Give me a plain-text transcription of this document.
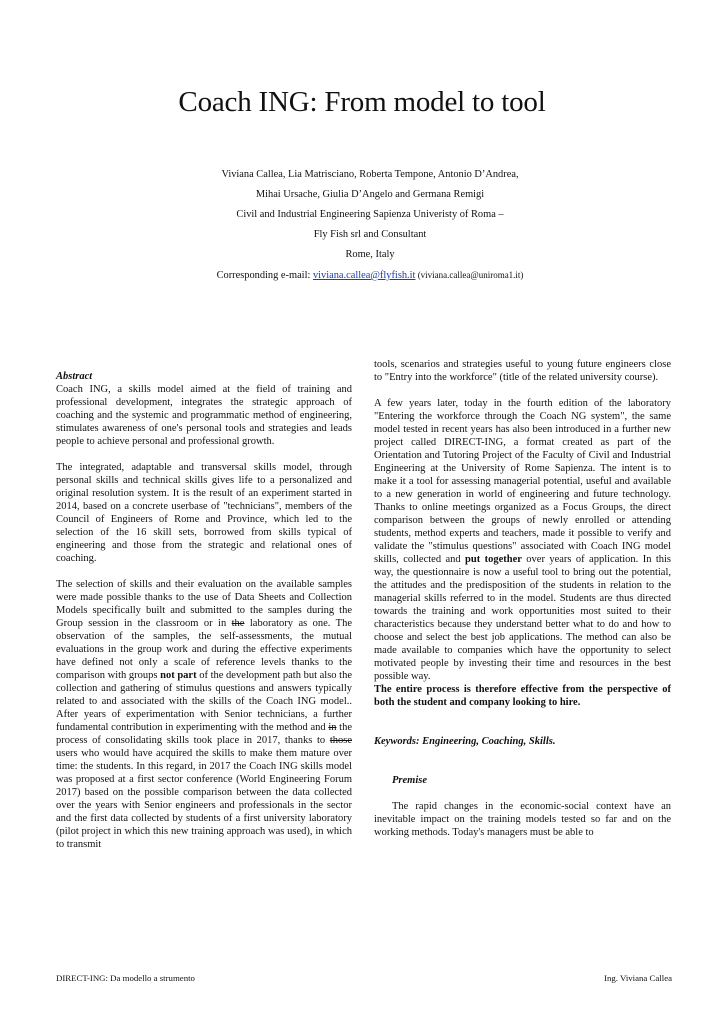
Coach ING: From model to tool
Viviana Callea, Lia Matrisciano, Roberta Tempone, Antonio D’Andrea,
Mihai Ursache, Giulia D’Angelo and Germana Remigi
Civil and Industrial Engineering Sapienza Univeristy of Roma –
Fly Fish srl and Consultant
Rome, Italy
Corresponding e-mail: viviana.callea@flyfish.it (viviana.callea@uniroma1.it)

Abstract

Coach ING, a skills model aimed at the field of training and professional development, integrates the strategic approach of coaching and the systemic and programmatic method of engineering, stimulates awareness of one's personal tools and strategies and leads people to achieve personal and professional growth.

The integrated, adaptable and transversal skills model, through personal skills and technical skills gives life to a personalized and original resolution system. It is the result of an experiment started in 2014, based on a concrete userbase of "technicians", members of the Council of Engineers of Rome and Province, which led to the selection of the 16 skill sets, borrowed from skills typical of engineering and those from the strategic and relational ones of coaching.

The selection of skills and their evaluation on the available samples were made possible thanks to the use of Data Sheets and Collection Models specifically built and submitted to the samples during the Group session in the classroom or in the laboratory as one. The observation of the samples, the self-assessments, the mutual evaluations in the group work and during the effective experiments have defined not only a scale of reference levels thanks to the comparison with groups not part of the development path but also the collection and gathering of stimulus questions and answers typically related to and associated with the skills of the Coach ING model.. After years of experimentation with Senior technicians, a further fundamental contribution in experimenting with the method and in the process of consolidating skills took place in 2017, thanks to those users who would have acquired the skills to make them mature over time: the students. In this regard, in 2017 the Coach ING skills model was proposed at a first sector conference (World Engineering Forum 2017) based on the possible comparison between the data collected over the years with Senior engineers and professionals in the sector and the first data collected by students of a first university laboratory (pilot project in which this new training approach was used), in which to transmit

tools, scenarios and strategies useful to young future engineers close to "Entry into the workforce" (title of the related university course).

A few years later, today in the fourth edition of the laboratory "Entering the workforce through the Coach NG system", the same model tested in recent years has also been introduced in a further new project called DIRECT-ING, a format created as part of the Orientation and Tutoring Project of the Faculty of Civil and Industrial Engineering at the University of Rome Sapienza. The intent is to make it a tool for assessing managerial potential, useful and available to a new generation in world of engineering and future technology. Thanks to online meetings organized as a Focus Groups, the direct comparison between the groups of newly enrolled or attending students, method experts and teachers, made it possible to verify and validate the "stimulus questions" associated with Coach ING model skills, collected and put together over years of application. In this way, the questionnaire is now a useful tool to bring out the potential, the attitudes and the predisposition of the students in relation to the managerial skills referred to in the model. Students are thus directed towards the training and work opportunities most suited to their characteristics because they understand better what to do and how to choose and select the best job applications. The method can also be made available to companies which have the opportunity to select motivated people by investing their time and resources in the best possible way.

The entire process is therefore effective from the perspective of both the student and company looking to hire.

Keywords: Engineering, Coaching, Skills.

Premise

The rapid changes in the economic-social context have an inevitable impact on the training models tested so far and on the working methods. Today's managers must be able to

DIRECT-ING: Da modello a strumento	Ing. Viviana Callea
